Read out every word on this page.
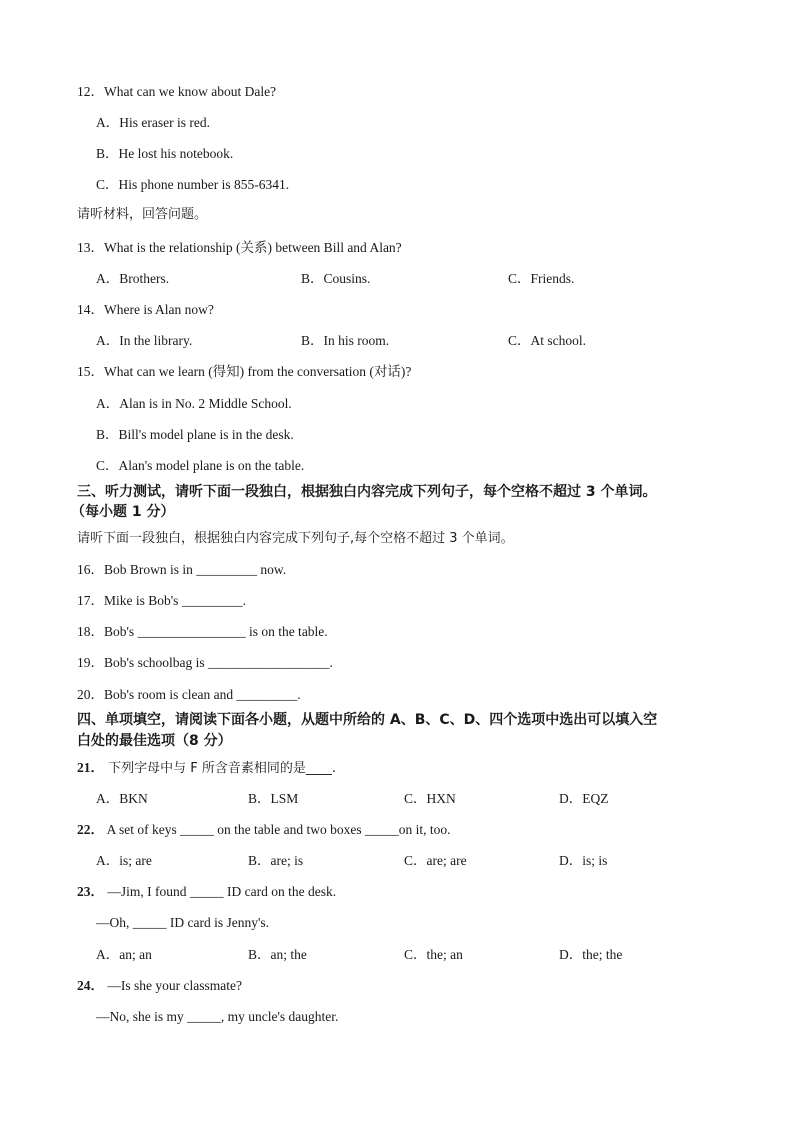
12．What can we know about Dale?
A．His eraser is red.
B．He lost his notebook.
C．His phone number is 855-6341.
请听材料，回答问题。
13．What is the relationship (关系) between Bill and Alan?
A．Brothers.	B．Cousins.	C．Friends.
14．Where is Alan now?
A．In the library.	B．In his room.	C．At school.
15．What can we learn (得知) from the conversation (对话)?
A．Alan is in No. 2 Middle School.
B．Bill's model plane is in the desk.
C．Alan's model plane is on the table.
三、听力测试，请听下面一段独白，根据独白内容完成下列句子，每个空格不超过 3 个单词。
（每小题 1 分）
请听下面一段独白，根据独白内容完成下列句子,每个空格不超过 3 个单词。
16．Bob Brown is in _________ now.
17．Mike is Bob's _________.
18．Bob's ________________ is on the table.
19．Bob's schoolbag is __________________.
20．Bob's room is clean and _________.
四、单项填空，请阅读下面各小题，从题中所给的 A、B、C、D、四个选项中选出可以填入空
白处的最佳选项（8 分）
21． 下列字母中与 F 所含音素相同的是____.
A．BKN	B．LSM	C．HXN	D．EQZ
22． A set of keys _____ on the table and two boxes _____on it, too.
A．is; are	B．are; is	C．are; are	D．is; is
23． —Jim, I found _____ ID card on the desk.
—Oh, _____ ID card is Jenny's.
A．an; an	B．an; the	C．the; an	D．the; the
24． —Is she your classmate?
—No, she is my _____, my uncle's daughter.
